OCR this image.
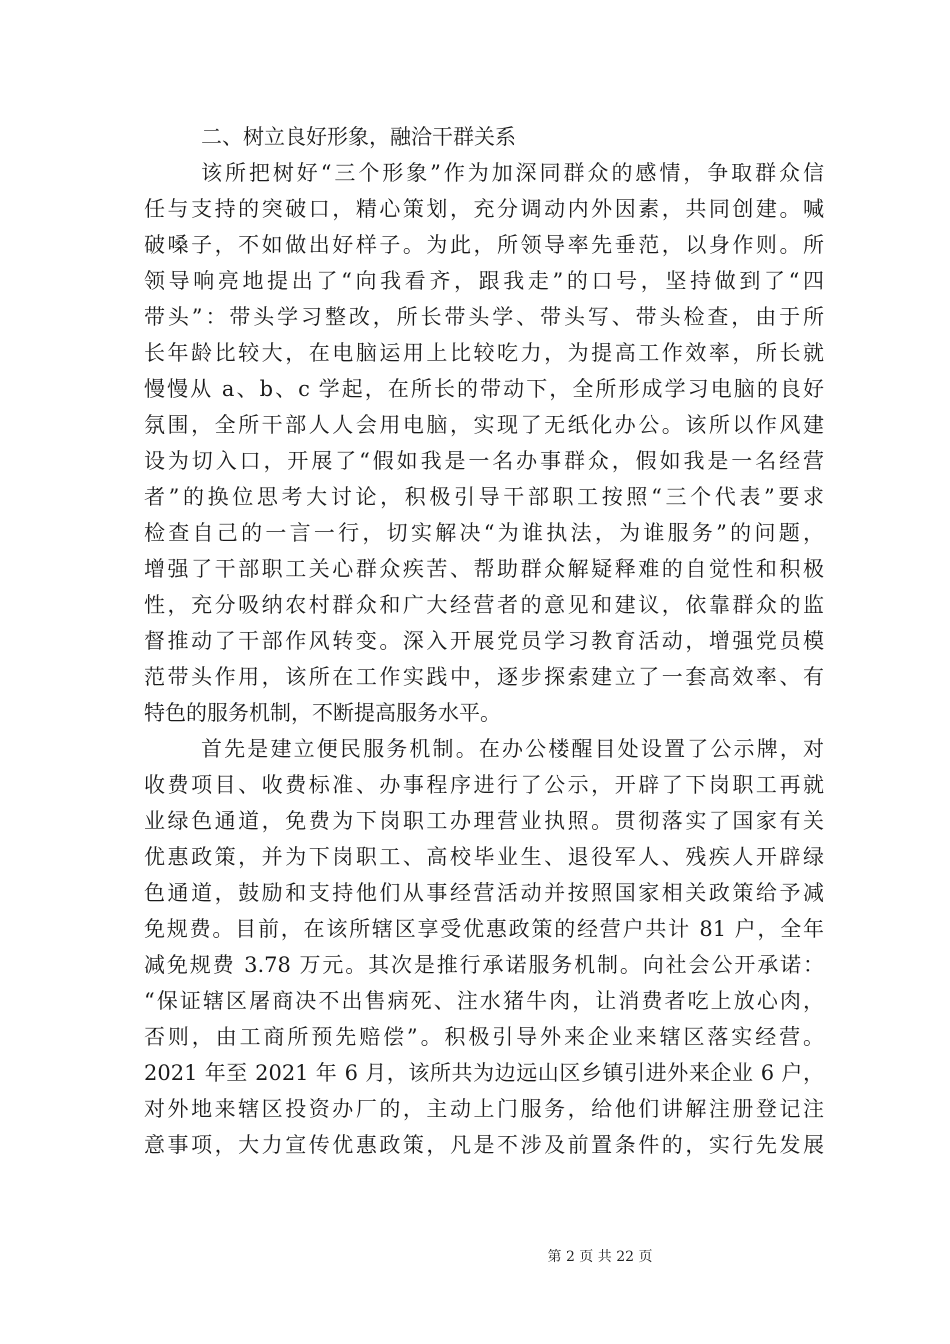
二、树立良好形象，融洽干群关系
该所把树好“三个形象”作为加深同群众的感情，争取群众信
任与支持的突破口，精心策划，充分调动内外因素，共同创建。喊
破嗓子，不如做出好样子。为此，所领导率先垂范，以身作则。所
领导响亮地提出了“向我看齐，跟我走”的口号，坚持做到了“四
带头”：带头学习整改，所长带头学、带头写、带头检查，由于所
长年龄比较大，在电脑运用上比较吃力，为提高工作效率，所长就
慢慢从 a、b、c 学起，在所长的带动下，全所形成学习电脑的良好
氛围，全所干部人人会用电脑，实现了无纸化办公。该所以作风建
设为切入口，开展了“假如我是一名办事群众，假如我是一名经营
者”的换位思考大讨论，积极引导干部职工按照“三个代表”要求
检查自己的一言一行，切实解决“为谁执法，为谁服务”的问题，
增强了干部职工关心群众疾苦、帮助群众解疑释难的自觉性和积极
性，充分吸纳农村群众和广大经营者的意见和建议，依靠群众的监
督推动了干部作风转变。深入开展党员学习教育活动，增强党员模
范带头作用，该所在工作实践中，逐步探索建立了一套高效率、有
特色的服务机制，不断提高服务水平。
首先是建立便民服务机制。在办公楼醒目处设置了公示牌，对
收费项目、收费标准、办事程序进行了公示，开辟了下岗职工再就
业绿色通道，免费为下岗职工办理营业执照。贯彻落实了国家有关
优惠政策，并为下岗职工、高校毕业生、退役军人、残疾人开辟绿
色通道，鼓励和支持他们从事经营活动并按照国家相关政策给予减
免规费。目前，在该所辖区享受优惠政策的经营户共计 81 户，全年
减免规费 3.78 万元。其次是推行承诺服务机制。向社会公开承诺：
“保证辖区屠商决不出售病死、注水猪牛肉，让消费者吃上放心肉，
否则，由工商所预先赔偿”。积极引导外来企业来辖区落实经营。
2021 年至 2021 年 6 月，该所共为边远山区乡镇引进外来企业 6 户，
对外地来辖区投资办厂的，主动上门服务，给他们讲解注册登记注
意事项，大力宣传优惠政策，凡是不涉及前置条件的，实行先发展
第 2 页 共 22 页
